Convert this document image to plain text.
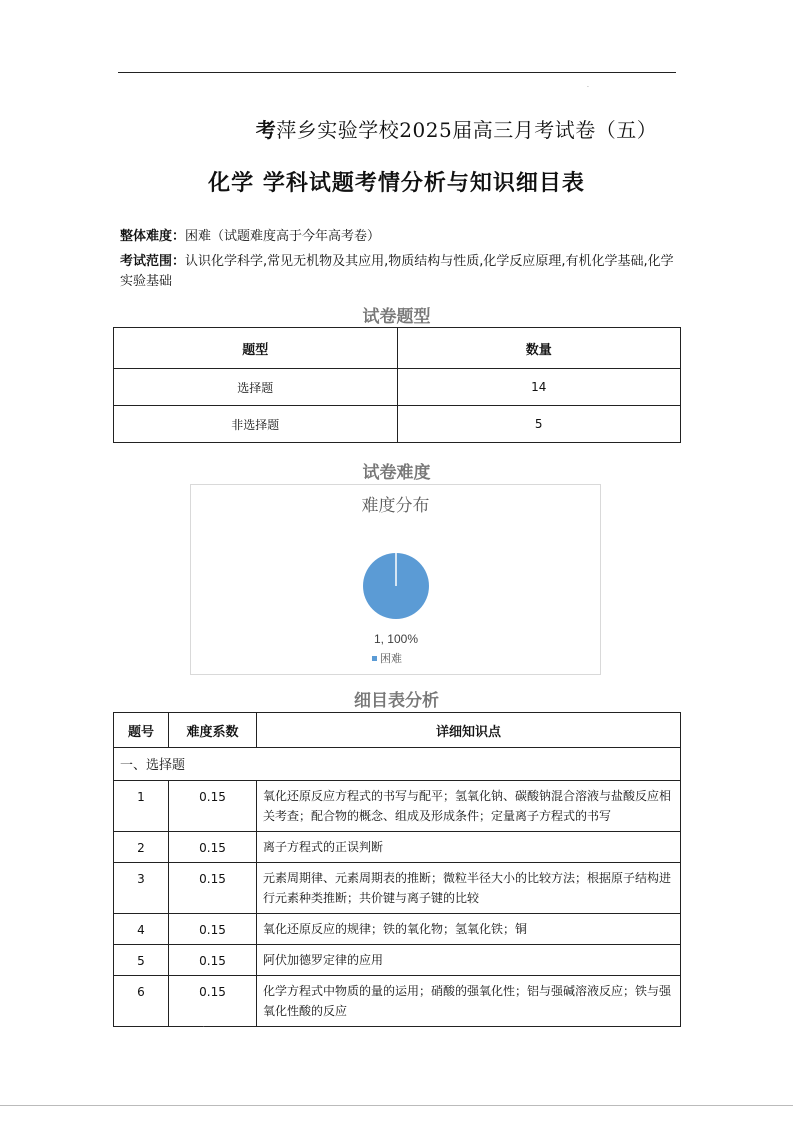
.
考萍乡实验学校2025届高三月考试卷（五）
化学 学科试题考情分析与知识细目表
整体难度：困难（试题难度高于今年高考卷）
考试范围：认识化学科学,常见无机物及其应用,物质结构与性质,化学反应原理,有机化学基础,化学实验基础
试卷题型
题型	数量
选择题	14
非选择题	5
试卷难度
难度分布
1, 100%
困难
细目表分析
题号	难度系数	详细知识点
一、选择题		
1	0.15	氧化还原反应方程式的书写与配平；氢氧化钠、碳酸钠混合溶液与盐酸反应相关考查；配合物的概念、组成及形成条件；定量离子方程式的书写
2	0.15	离子方程式的正误判断
3	0.15	元素周期律、元素周期表的推断；微粒半径大小的比较方法；根据原子结构进行元素种类推断；共价键与离子键的比较
4	0.15	氧化还原反应的规律；铁的氧化物；氢氧化铁；铜
5	0.15	阿伏加德罗定律的应用
6	0.15	化学方程式中物质的量的运用；硝酸的强氧化性；铝与强碱溶液反应；铁与强氧化性酸的反应
.
